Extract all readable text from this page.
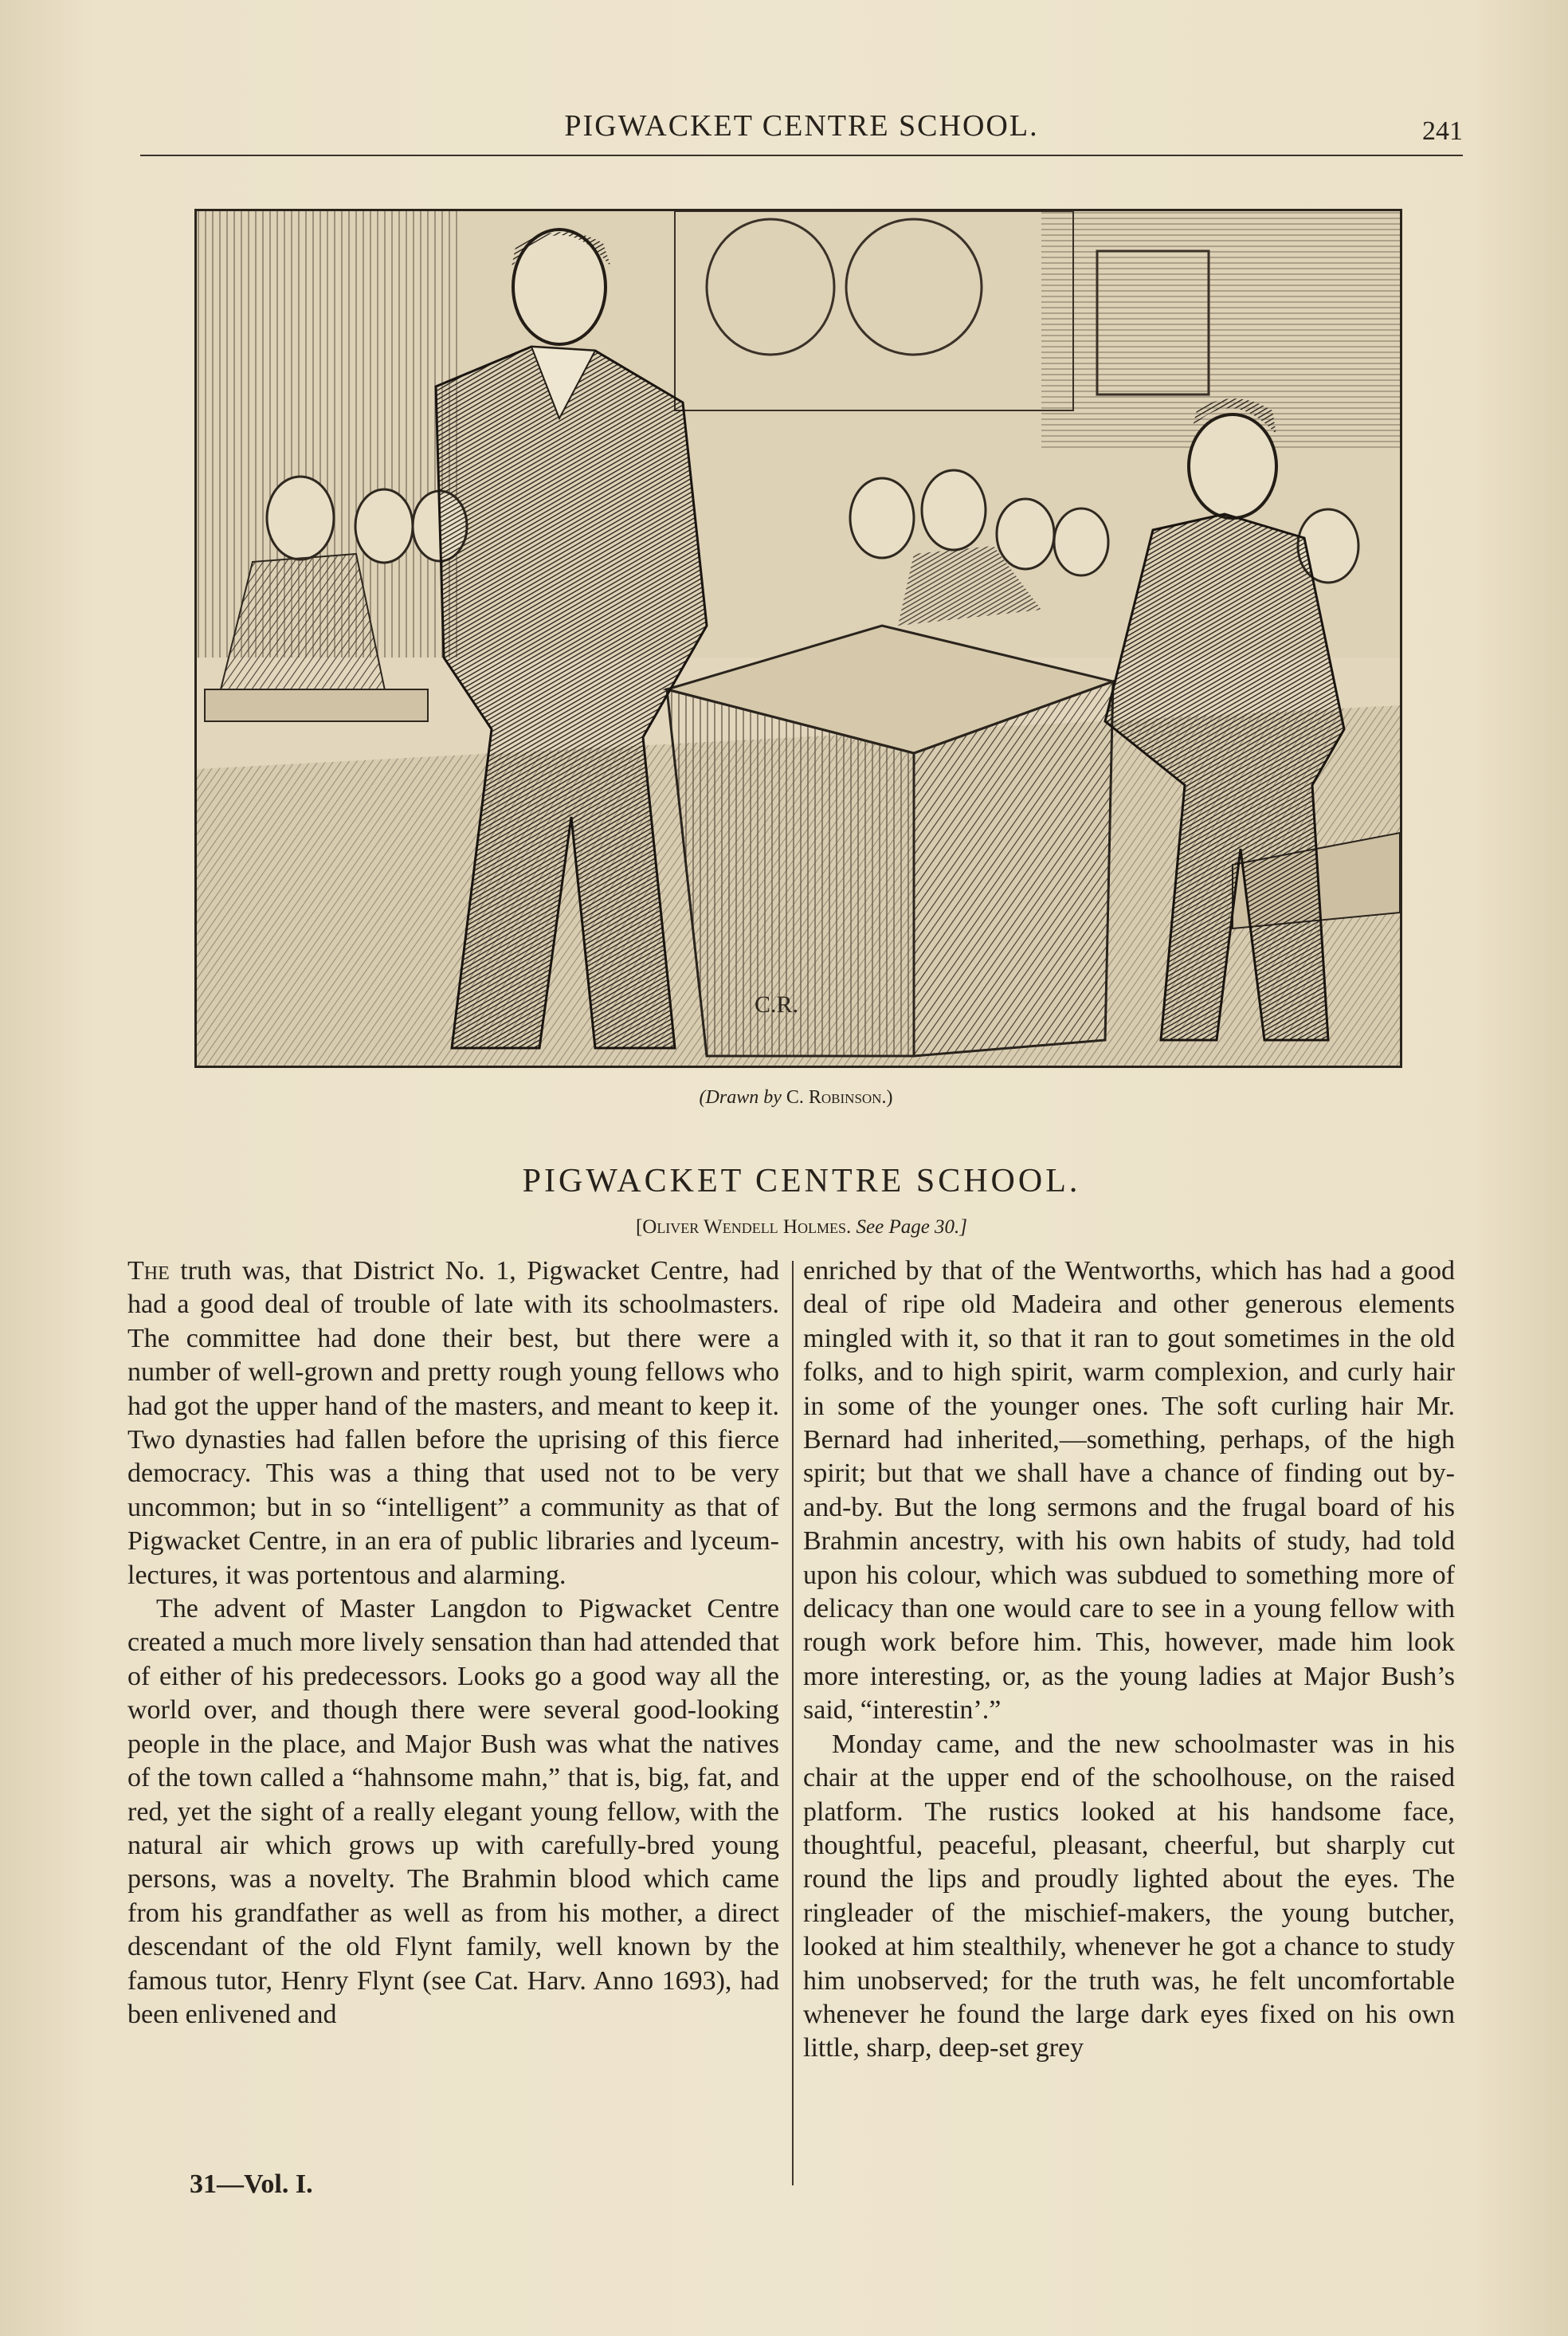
PIGWACKET CENTRE SCHOOL.	241
C.R.
(Drawn by C. Robinson.)
PIGWACKET CENTRE SCHOOL.
[Oliver Wendell Holmes. See Page 30.]

The truth was, that District No. 1, Pigwacket Centre, had had a good deal of trouble of late with its schoolmasters. The committee had done their best, but there were a number of well-grown and pretty rough young fellows who had got the upper hand of the masters, and meant to keep it. Two dynasties had fallen before the uprising of this fierce democracy. This was a thing that used not to be very uncommon; but in so “intelligent” a community as that of Pigwacket Centre, in an era of public libraries and lyceum-lectures, it was portentous and alarming.

The advent of Master Langdon to Pigwacket Centre created a much more lively sensation than had attended that of either of his predecessors. Looks go a good way all the world over, and though there were several good-looking people in the place, and Major Bush was what the natives of the town called a “hahnsome mahn,” that is, big, fat, and red, yet the sight of a really elegant young fellow, with the natural air which grows up with carefully-bred young persons, was a novelty. The Brahmin blood which came from his grandfather as well as from his mother, a direct descendant of the old Flynt family, well known by the famous tutor, Henry Flynt (see Cat. Harv. Anno 1693), had been enlivened and

enriched by that of the Wentworths, which has had a good deal of ripe old Madeira and other generous elements mingled with it, so that it ran to gout sometimes in the old folks, and to high spirit, warm complexion, and curly hair in some of the younger ones. The soft curling hair Mr. Bernard had inherited,—something, perhaps, of the high spirit; but that we shall have a chance of finding out by-and-by. But the long sermons and the frugal board of his Brahmin ancestry, with his own habits of study, had told upon his colour, which was subdued to something more of delicacy than one would care to see in a young fellow with rough work before him. This, however, made him look more interesting, or, as the young ladies at Major Bush’s said, “interestin’.”

Monday came, and the new schoolmaster was in his chair at the upper end of the schoolhouse, on the raised platform. The rustics looked at his handsome face, thoughtful, peaceful, pleasant, cheerful, but sharply cut round the lips and proudly lighted about the eyes. The ringleader of the mischief-makers, the young butcher, looked at him stealthily, whenever he got a chance to study him unobserved; for the truth was, he felt uncomfortable whenever he found the large dark eyes fixed on his own little, sharp, deep-set grey

31—Vol. I.
